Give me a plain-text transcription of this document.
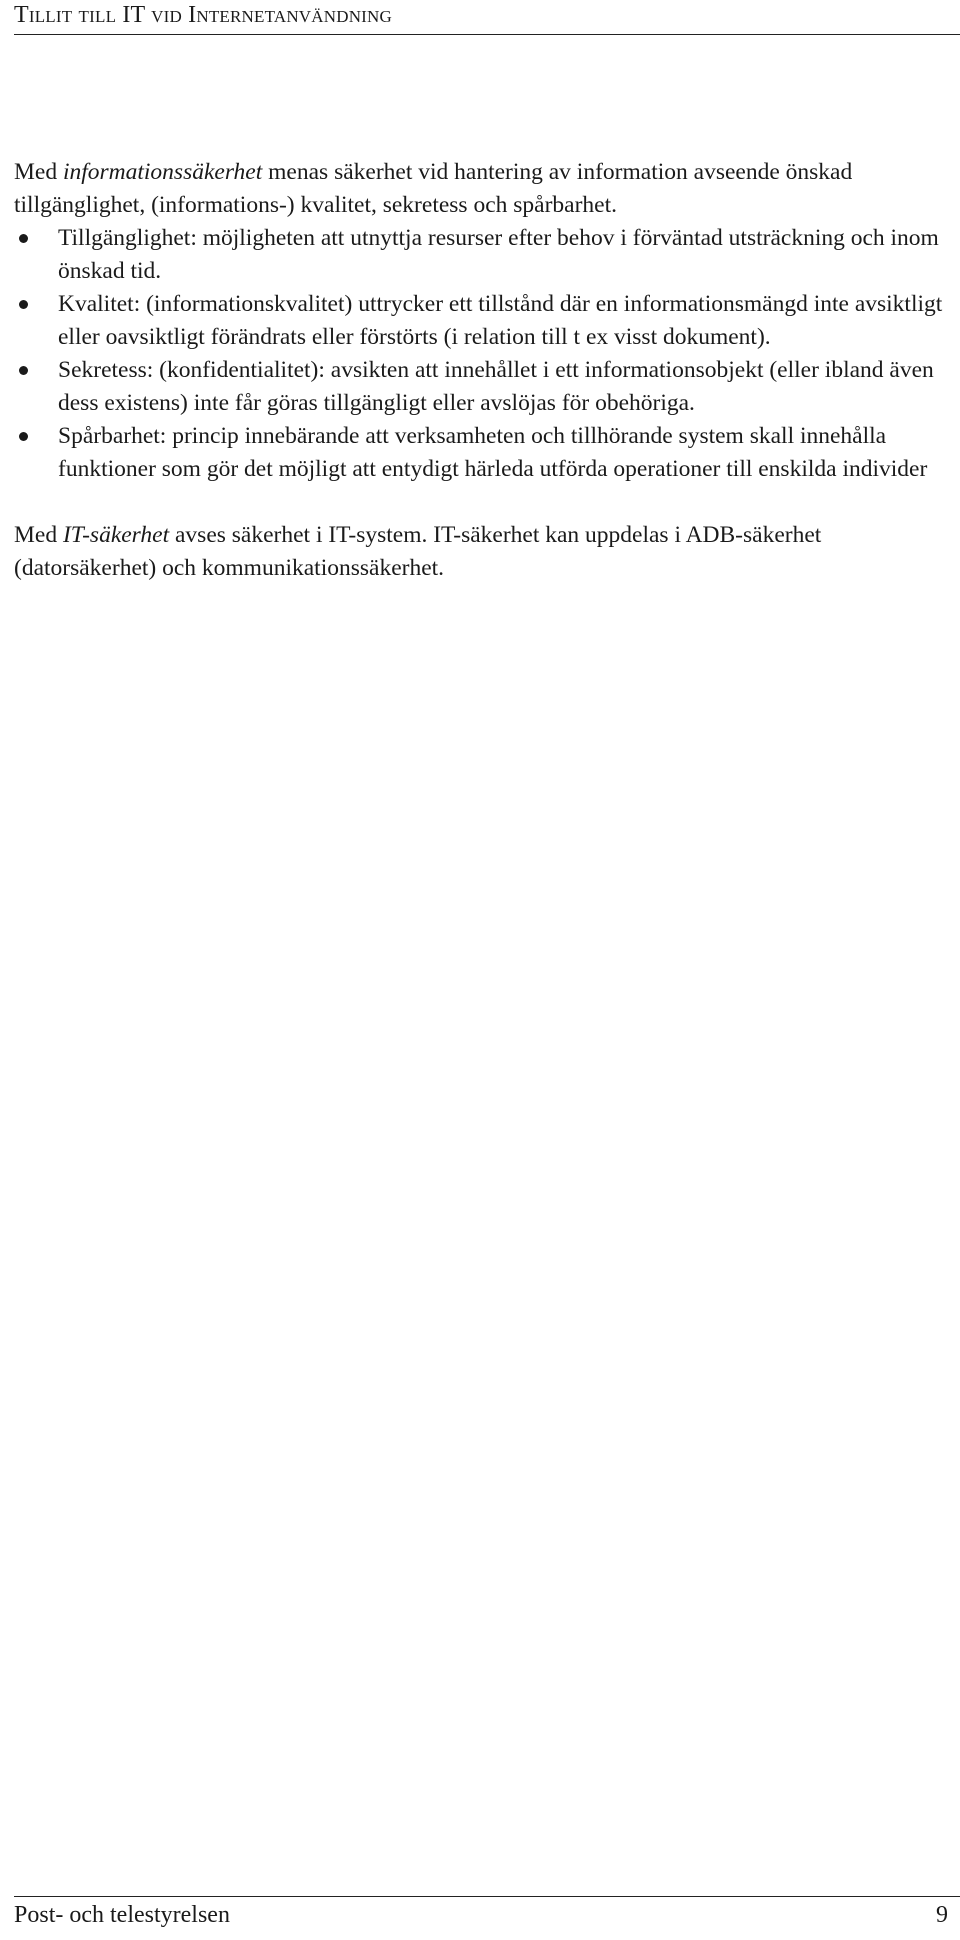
Tillit till IT vid Internetanvändning

Med informationssäkerhet menas säkerhet vid hantering av information avseende önskad tillgänglighet, (informations-) kvalitet, sekretess och spårbarhet.

Tillgänglighet: möjligheten att utnyttja resurser efter behov i förväntad utsträckning och inom önskad tid.
Kvalitet: (informationskvalitet) uttrycker ett tillstånd där en informationsmängd inte avsiktligt eller oavsiktligt förändrats eller förstörts (i relation till t ex visst dokument).
Sekretess: (konfidentialitet): avsikten att innehållet i ett informationsobjekt (eller ibland även dess existens) inte får göras tillgängligt eller avslöjas för obehöriga.
Spårbarhet: princip innebärande att verksamheten och tillhörande system skall innehålla funktioner som gör det möjligt att entydigt härleda utförda operationer till enskilda individer

Med IT-säkerhet avses säkerhet i IT-system. IT-säkerhet kan uppdelas i ADB-säkerhet (datorsäkerhet) och kommunikationssäkerhet.

Post- och telestyrelsen	9
